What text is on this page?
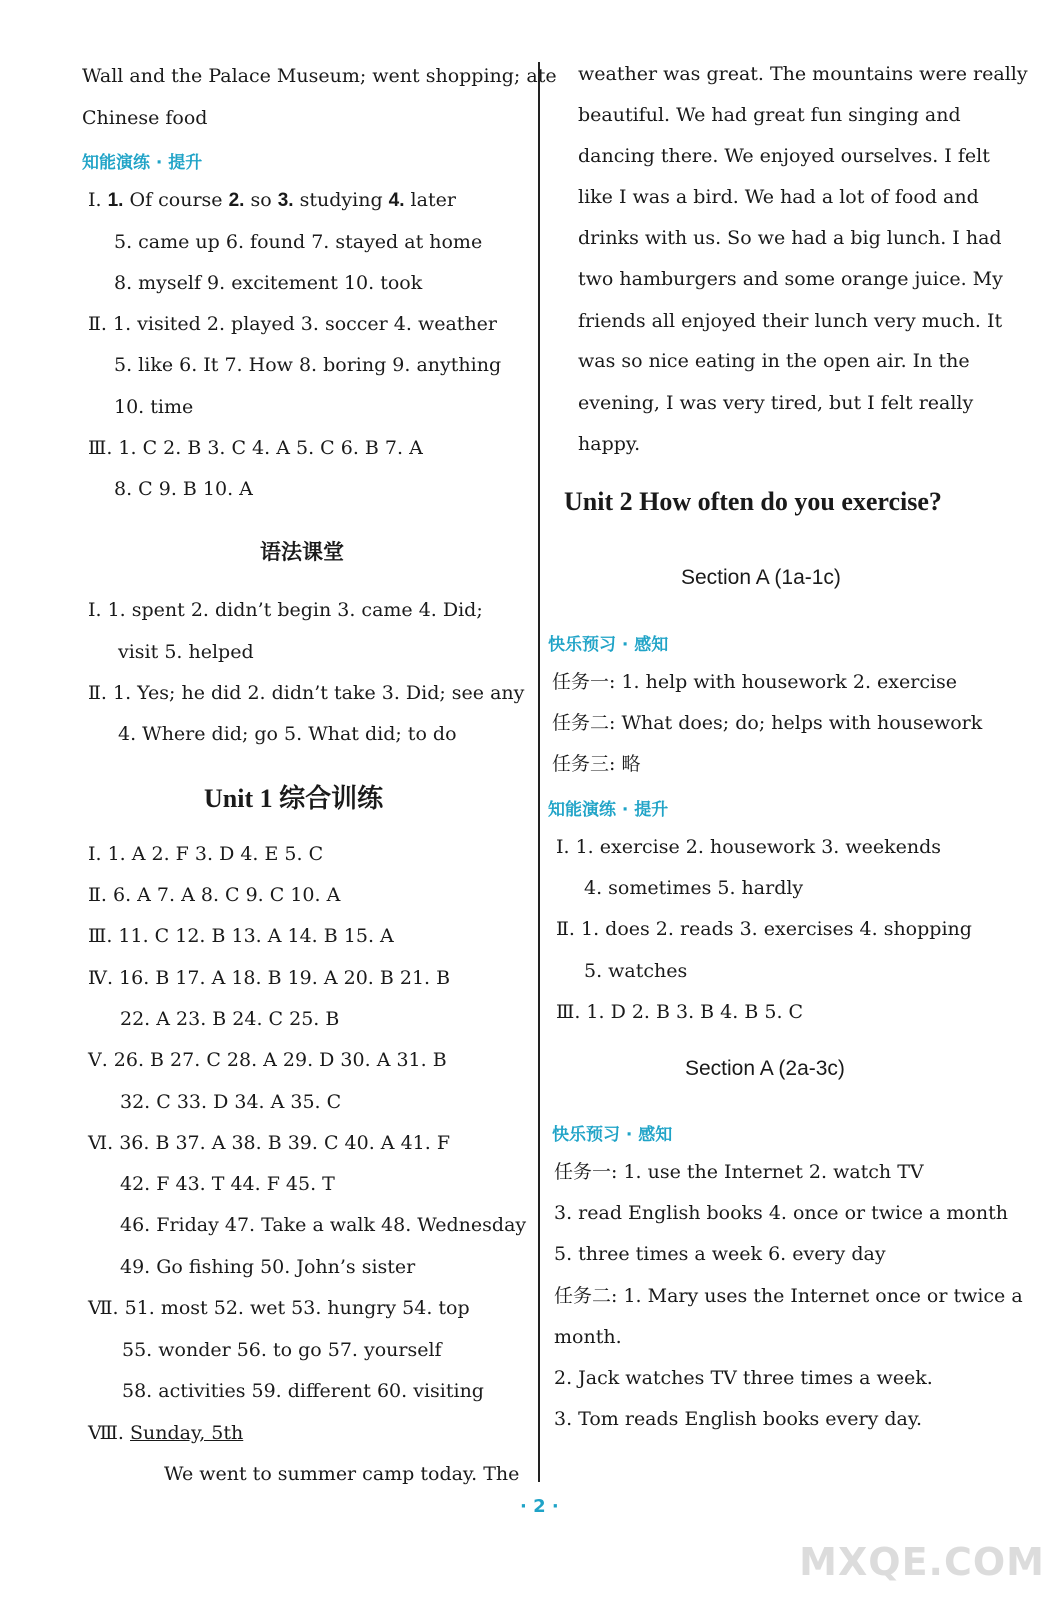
Wall and the Palace Museum; went shopping; ate
Chinese food
知能演练 · 提升
Ⅰ. 1. Of course 2. so 3. studying 4. later
5. came up 6. found 7. stayed at home
8. myself 9. excitement 10. took
Ⅱ. 1. visited 2. played 3. soccer 4. weather
5. like 6. It 7. How 8. boring 9. anything
10. time
Ⅲ. 1. C 2. B 3. C 4. A 5. C 6. B 7. A
8. C 9. B 10. A
语法课堂
Ⅰ. 1. spent 2. didn’t begin 3. came 4. Did;
visit 5. helped
Ⅱ. 1. Yes; he did 2. didn’t take 3. Did; see any
4. Where did; go 5. What did; to do
Unit 1 综合训练
Ⅰ. 1. A 2. F 3. D 4. E 5. C
Ⅱ. 6. A 7. A 8. C 9. C 10. A
Ⅲ. 11. C 12. B 13. A 14. B 15. A
Ⅳ. 16. B 17. A 18. B 19. A 20. B 21. B
22. A 23. B 24. C 25. B
Ⅴ. 26. B 27. C 28. A 29. D 30. A 31. B
32. C 33. D 34. A 35. C
Ⅵ. 36. B 37. A 38. B 39. C 40. A 41. F
42. F 43. T 44. F 45. T
46. Friday 47. Take a walk 48. Wednesday
49. Go fishing 50. John’s sister
Ⅶ. 51. most 52. wet 53. hungry 54. top
55. wonder 56. to go 57. yourself
58. activities 59. different 60. visiting
Ⅷ. Sunday, 5th
We went to summer camp today. The
weather was great. The mountains were really
beautiful. We had great fun singing and
dancing there. We enjoyed ourselves. I felt
like I was a bird. We had a lot of food and
drinks with us. So we had a big lunch. I had
two hamburgers and some orange juice. My
friends all enjoyed their lunch very much. It
was so nice eating in the open air. In the
evening, I was very tired, but I felt really
happy.
Unit 2 How often do you exercise?
Section A (1a-1c)
快乐预习 · 感知
任务一: 1. help with housework 2. exercise
任务二: What does; do; helps with housework
任务三: 略
知能演练 · 提升
Ⅰ. 1. exercise 2. housework 3. weekends
4. sometimes 5. hardly
Ⅱ. 1. does 2. reads 3. exercises 4. shopping
5. watches
Ⅲ. 1. D 2. B 3. B 4. B 5. C
Section A (2a-3c)
快乐预习 · 感知
任务一: 1. use the Internet 2. watch TV
3. read English books 4. once or twice a month
5. three times a week 6. every day
任务二: 1. Mary uses the Internet once or twice a
month.
2. Jack watches TV three times a week.
3. Tom reads English books every day.
· 2 ·
MXQE.COM
